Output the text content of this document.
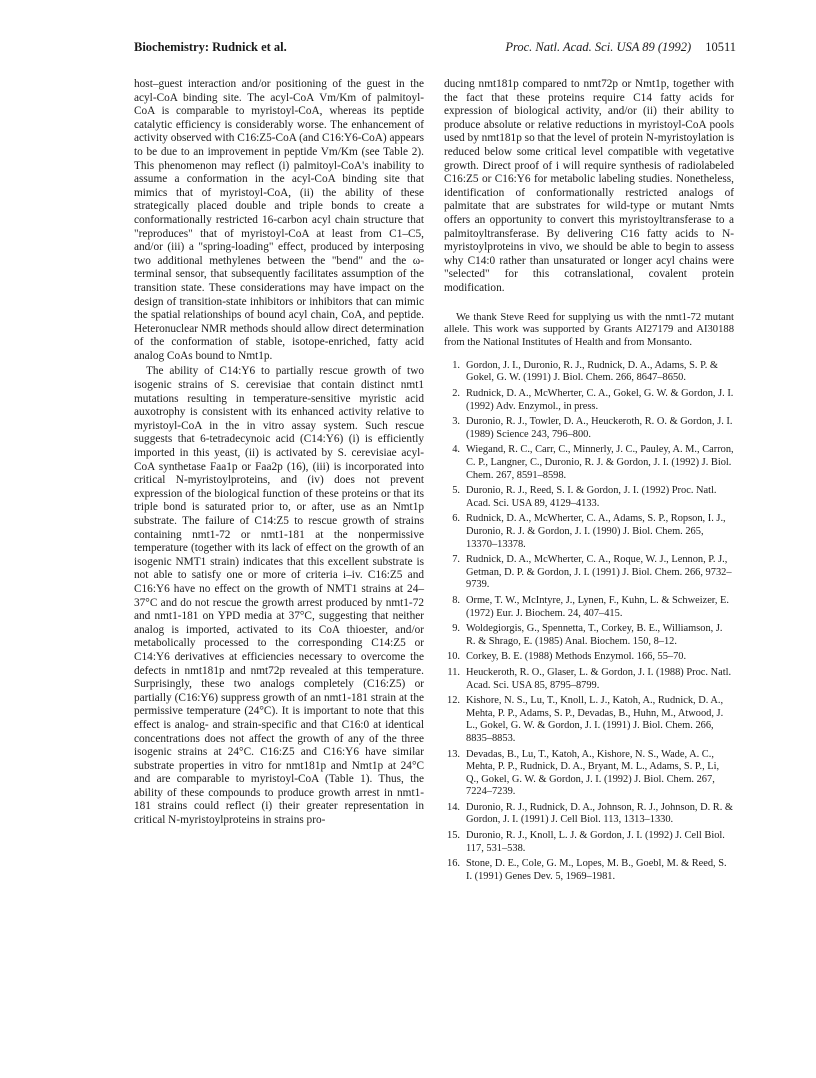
Biochemistry: Rudnick et al.	Proc. Natl. Acad. Sci. USA 89 (1992) 10511

host–guest interaction and/or positioning of the guest in the acyl-CoA binding site. The acyl-CoA Vm/Km of palmitoyl-CoA is comparable to myristoyl-CoA, whereas its peptide catalytic efficiency is considerably worse. The enhancement of activity observed with C16:Z5-CoA (and C16:Y6-CoA) appears to be due to an improvement in peptide Vm/Km (see Table 2). This phenomenon may reflect (i) palmitoyl-CoA's inability to assume a conformation in the acyl-CoA binding site that mimics that of myristoyl-CoA, (ii) the ability of these strategically placed double and triple bonds to create a conformationally restricted 16-carbon acyl chain structure that "reproduces" that of myristoyl-CoA at least from C1–C5, and/or (iii) a "spring-loading" effect, produced by interposing two additional methylenes between the "bend" and the ω-terminal sensor, that subsequently facilitates assumption of the transition state. These considerations may have impact on the design of transition-state inhibitors or inhibitors that can mimic the spatial relationships of bound acyl chain, CoA, and peptide. Heteronuclear NMR methods should allow direct determination of the conformation of stable, isotope-enriched, fatty acid analog CoAs bound to Nmt1p.

The ability of C14:Y6 to partially rescue growth of two isogenic strains of S. cerevisiae that contain distinct nmt1 mutations resulting in temperature-sensitive myristic acid auxotrophy is consistent with its enhanced activity relative to myristoyl-CoA in the in vitro assay system. Such rescue suggests that 6-tetradecynoic acid (C14:Y6) (i) is efficiently imported in this yeast, (ii) is activated by S. cerevisiae acyl-CoA synthetase Faa1p or Faa2p (16), (iii) is incorporated into critical N-myristoylproteins, and (iv) does not prevent expression of the biological function of these proteins or that its triple bond is saturated prior to, or after, use as an Nmt1p substrate. The failure of C14:Z5 to rescue growth of strains containing nmt1-72 or nmt1-181 at the nonpermissive temperature (together with its lack of effect on the growth of an isogenic NMT1 strain) indicates that this excellent substrate is not able to satisfy one or more of criteria i–iv. C16:Z5 and C16:Y6 have no effect on the growth of NMT1 strains at 24–37°C and do not rescue the growth arrest produced by nmt1-72 and nmt1-181 on YPD media at 37°C, suggesting that neither analog is imported, activated to its CoA thioester, and/or metabolically processed to the corresponding C14:Z5 or C14:Y6 derivatives at efficiencies necessary to overcome the defects in nmt181p and nmt72p revealed at this temperature. Surprisingly, these two analogs completely (C16:Z5) or partially (C16:Y6) suppress growth of an nmt1-181 strain at the permissive temperature (24°C). It is important to note that this effect is analog- and strain-specific and that C16:0 at identical concentrations does not affect the growth of any of the three isogenic strains at 24°C. C16:Z5 and C16:Y6 have similar substrate properties in vitro for nmt181p and Nmt1p at 24°C and are comparable to myristoyl-CoA (Table 1). Thus, the ability of these compounds to produce growth arrest in nmt1-181 strains could reflect (i) their greater representation in critical N-myristoylproteins in strains pro-

ducing nmt181p compared to nmt72p or Nmt1p, together with the fact that these proteins require C14 fatty acids for expression of biological activity, and/or (ii) their ability to produce absolute or relative reductions in myristoyl-CoA pools used by nmt181p so that the level of protein N-myristoylation is reduced below some critical level compatible with vegetative growth. Direct proof of i will require synthesis of radiolabeled C16:Z5 or C16:Y6 for metabolic labeling studies. Nonetheless, identification of conformationally restricted analogs of palmitate that are substrates for wild-type or mutant Nmts offers an opportunity to convert this myristoyltransferase to a palmitoyltransferase. By delivering C16 fatty acids to N-myristoylproteins in vivo, we should be able to begin to assess why C14:0 rather than unsaturated or longer acyl chains were "selected" for this cotranslational, covalent protein modification.

We thank Steve Reed for supplying us with the nmt1-72 mutant allele. This work was supported by Grants AI27179 and AI30188 from the National Institutes of Health and from Monsanto.

1. Gordon, J. I., Duronio, R. J., Rudnick, D. A., Adams, S. P. & Gokel, G. W. (1991) J. Biol. Chem. 266, 8647–8650.
2. Rudnick, D. A., McWherter, C. A., Gokel, G. W. & Gordon, J. I. (1992) Adv. Enzymol., in press.
3. Duronio, R. J., Towler, D. A., Heuckeroth, R. O. & Gordon, J. I. (1989) Science 243, 796–800.
4. Wiegand, R. C., Carr, C., Minnerly, J. C., Pauley, A. M., Carron, C. P., Langner, C., Duronio, R. J. & Gordon, J. I. (1992) J. Biol. Chem. 267, 8591–8598.
5. Duronio, R. J., Reed, S. I. & Gordon, J. I. (1992) Proc. Natl. Acad. Sci. USA 89, 4129–4133.
6. Rudnick, D. A., McWherter, C. A., Adams, S. P., Ropson, I. J., Duronio, R. J. & Gordon, J. I. (1990) J. Biol. Chem. 265, 13370–13378.
7. Rudnick, D. A., McWherter, C. A., Roque, W. J., Lennon, P. J., Getman, D. P. & Gordon, J. I. (1991) J. Biol. Chem. 266, 9732–9739.
8. Orme, T. W., McIntyre, J., Lynen, F., Kuhn, L. & Schweizer, E. (1972) Eur. J. Biochem. 24, 407–415.
9. Woldegiorgis, G., Spennetta, T., Corkey, B. E., Williamson, J. R. & Shrago, E. (1985) Anal. Biochem. 150, 8–12.
10. Corkey, B. E. (1988) Methods Enzymol. 166, 55–70.
11. Heuckeroth, R. O., Glaser, L. & Gordon, J. I. (1988) Proc. Natl. Acad. Sci. USA 85, 8795–8799.
12. Kishore, N. S., Lu, T., Knoll, L. J., Katoh, A., Rudnick, D. A., Mehta, P. P., Adams, S. P., Devadas, B., Huhn, M., Atwood, J. L., Gokel, G. W. & Gordon, J. I. (1991) J. Biol. Chem. 266, 8835–8853.
13. Devadas, B., Lu, T., Katoh, A., Kishore, N. S., Wade, A. C., Mehta, P. P., Rudnick, D. A., Bryant, M. L., Adams, S. P., Li, Q., Gokel, G. W. & Gordon, J. I. (1992) J. Biol. Chem. 267, 7224–7239.
14. Duronio, R. J., Rudnick, D. A., Johnson, R. J., Johnson, D. R. & Gordon, J. I. (1991) J. Cell Biol. 113, 1313–1330.
15. Duronio, R. J., Knoll, L. J. & Gordon, J. I. (1992) J. Cell Biol. 117, 531–538.
16. Stone, D. E., Cole, G. M., Lopes, M. B., Goebl, M. & Reed, S. I. (1991) Genes Dev. 5, 1969–1981.
